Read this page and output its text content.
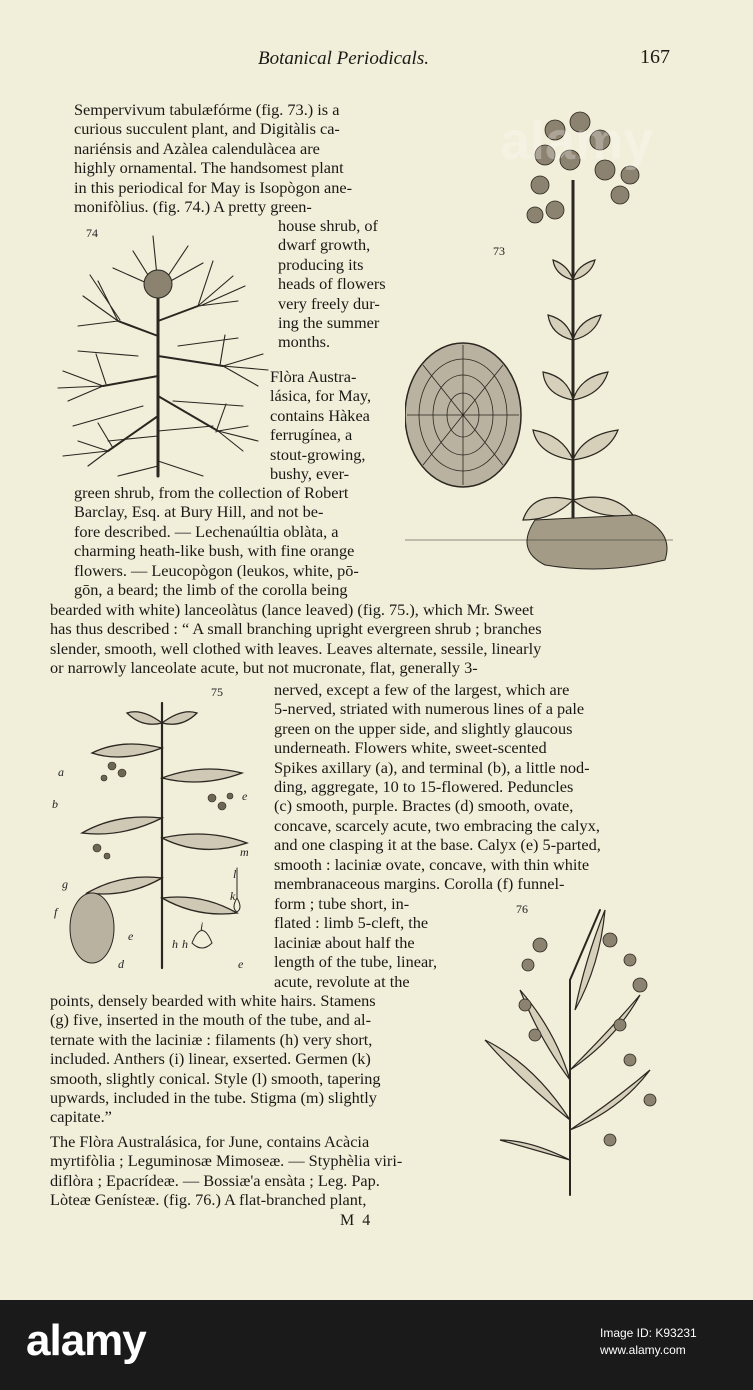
Botanical Periodicals.	167
Sempervivum tabulæfórme (fig. 73.) is a
curious succulent plant, and Digitàlis ca-
nariénsis and Azàlea calendulàcea are
highly ornamental. The handsomest plant
in this periodical for May is Isopògon ane-
monifòlius. (fig. 74.) A pretty green-
house shrub, of
dwarf growth,
producing its
heads of flowers
very freely dur-
ing the summer
months.
Flòra Austra-
lásica, for May,
contains Hàkea
ferrugínea, a
stout-growing,
bushy, ever-
green shrub, from the collection of Robert
Barclay, Esq. at Bury Hill, and not be-
fore described. — Lechenaúltia oblàta, a
charming heath-like bush, with fine orange
flowers. — Leucopògon (leukos, white, pō-
gōn, a beard; the limb of the corolla being
bearded with white) lanceolàtus (lance leaved) (fig. 75.), which Mr. Sweet
has thus described : “ A small branching upright evergreen shrub ; branches
slender, smooth, well clothed with leaves. Leaves alternate, sessile, linearly
or narrowly lanceolate acute, but not mucronate, flat, generally 3-
nerved, except a few of the largest, which are
5-nerved, striated with numerous lines of a pale
green on the upper side, and slightly glaucous
underneath. Flowers white, sweet-scented
Spikes axillary (a), and terminal (b), a little nod-
ding, aggregate, 10 to 15-flowered. Peduncles
(c) smooth, purple. Bractes (d) smooth, ovate,
concave, scarcely acute, two embracing the calyx,
and one clasping it at the base. Calyx (e) 5-parted,
smooth : laciniæ ovate, concave, with thin white
membranaceous margins. Corolla (f) funnel-
form ; tube short, in-
flated : limb 5-cleft, the
laciniæ about half the
length of the tube, linear,
acute, revolute at the
points, densely bearded with white hairs. Stamens
(g) five, inserted in the mouth of the tube, and al-
ternate with the laciniæ : filaments (h) very short,
included. Anthers (i) linear, exserted. Germen (k)
smooth, slightly conical. Style (l) smooth, tapering
upwards, included in the tube. Stigma (m) slightly
capitate.”
The Flòra Australásica, for June, contains Acàcia
myrtifòlia ; Leguminosæ Mimoseæ. — Styphèlia viri-
diflòra ; Epacrídeæ. — Bossiæ'a ensàta ; Leg. Pap.
Lòteæ Genísteæ. (fig. 76.) A flat-branched plant,
74
73
75
76
a
b
e
m
l
k
g
f
i
e
d
h h
e
M 4
alamy
alamy	Image ID: K93231
www.alamy.com
